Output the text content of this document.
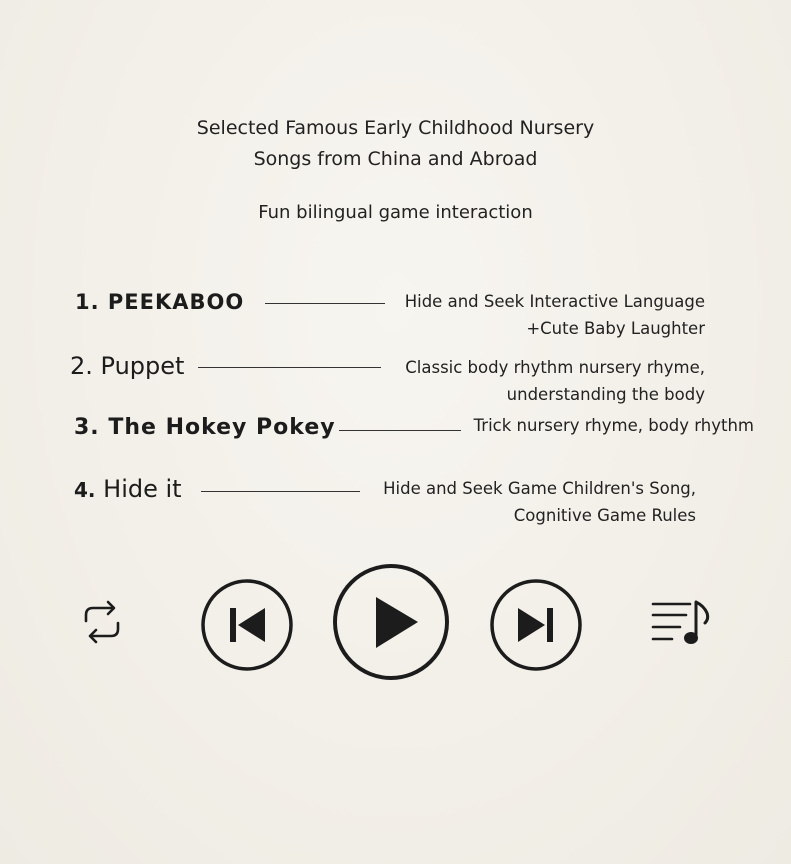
Selected Famous Early Childhood Nursery
Songs from China and Abroad
Fun bilingual game interaction
1. PEEKABOO	Hide and Seek Interactive Language
+Cute Baby Laughter
2. Puppet	Classic body rhythm nursery rhyme,
understanding the body
3. The Hokey Pokey	Trick nursery rhyme, body rhythm
4. Hide it	Hide and Seek Game Children's Song,
Cognitive Game Rules
